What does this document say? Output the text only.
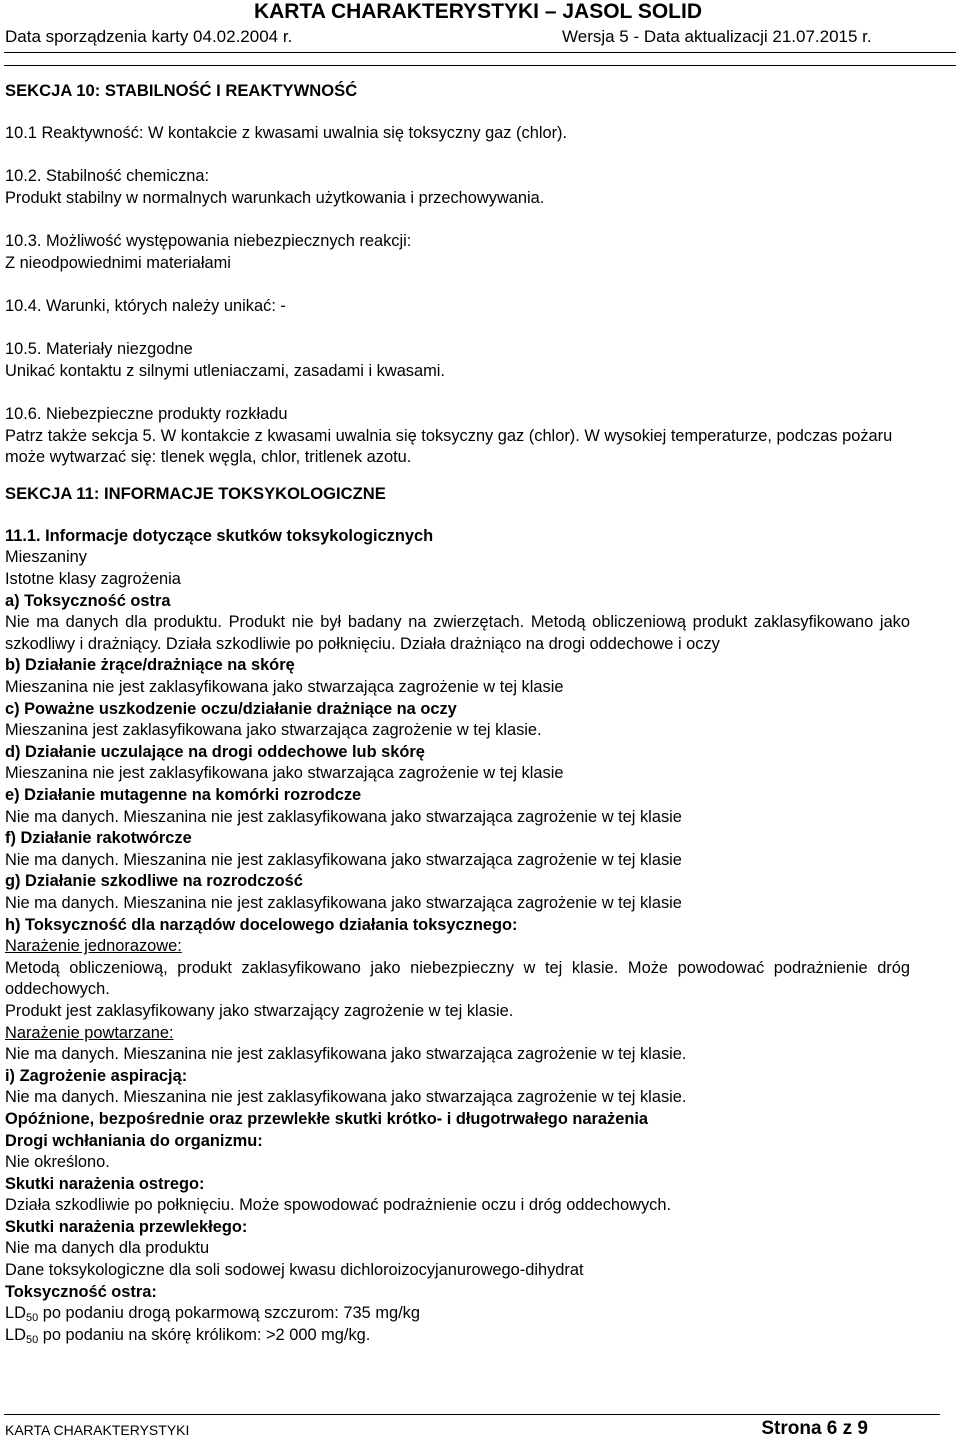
KARTA CHARAKTERYSTYKI – JASOL SOLID
Data sporządzenia karty 04.02.2004 r.	Wersja 5 - Data aktualizacji 21.07.2015 r.

SEKCJA 10: STABILNOŚĆ I REAKTYWNOŚĆ

10.1 Reaktywność: W kontakcie z kwasami uwalnia się toksyczny gaz (chlor).

10.2. Stabilność chemiczna:

Produkt stabilny w normalnych warunkach użytkowania i przechowywania.

10.3. Możliwość występowania niebezpiecznych reakcji:

Z nieodpowiednimi materiałami

10.4. Warunki, których należy unikać: -

10.5. Materiały niezgodne

Unikać kontaktu z silnymi utleniaczami, zasadami i kwasami.

10.6. Niebezpieczne produkty rozkładu

Patrz także sekcja 5. W kontakcie z kwasami uwalnia się toksyczny gaz (chlor). W wysokiej temperaturze, podczas pożaru może wytwarzać się: tlenek węgla, chlor, tritlenek azotu.

SEKCJA 11: INFORMACJE TOKSYKOLOGICZNE

11.1. Informacje dotyczące skutków toksykologicznych

Mieszaniny

Istotne klasy zagrożenia

a) Toksyczność ostra

Nie ma danych dla produktu. Produkt nie był badany na zwierzętach. Metodą obliczeniową produkt zaklasyfikowano jako szkodliwy i drażniący. Działa szkodliwie po połknięciu. Działa drażniąco na drogi oddechowe i oczy

b) Działanie żrące/drażniące na skórę

Mieszanina nie jest zaklasyfikowana jako stwarzająca zagrożenie w tej klasie

c) Poważne uszkodzenie oczu/działanie drażniące na oczy

Mieszanina jest zaklasyfikowana jako stwarzająca zagrożenie w tej klasie.

d) Działanie uczulające na drogi oddechowe lub skórę

Mieszanina nie jest zaklasyfikowana jako stwarzająca zagrożenie w tej klasie

e) Działanie mutagenne na komórki rozrodcze

Nie ma danych. Mieszanina nie jest zaklasyfikowana jako stwarzająca zagrożenie w tej klasie

f) Działanie rakotwórcze

Nie ma danych. Mieszanina nie jest zaklasyfikowana jako stwarzająca zagrożenie w tej klasie

g) Działanie szkodliwe na rozrodczość

Nie ma danych. Mieszanina nie jest zaklasyfikowana jako stwarzająca zagrożenie w tej klasie

h) Toksyczność dla narządów docelowego działania toksycznego:

Narażenie jednorazowe:

Metodą obliczeniową, produkt zaklasyfikowano jako niebezpieczny w tej klasie. Może powodować podrażnienie dróg oddechowych.

Produkt jest zaklasyfikowany jako stwarzający zagrożenie w tej klasie.

Narażenie powtarzane:

Nie ma danych. Mieszanina nie jest zaklasyfikowana jako stwarzająca zagrożenie w tej klasie.

i) Zagrożenie aspiracją:

Nie ma danych. Mieszanina nie jest zaklasyfikowana jako stwarzająca zagrożenie w tej klasie.

Opóźnione, bezpośrednie oraz przewlekłe skutki krótko- i długotrwałego narażenia

Drogi wchłaniania do organizmu:

Nie określono.

Skutki narażenia ostrego:

Działa szkodliwie po połknięciu. Może spowodować podrażnienie oczu i dróg oddechowych.

Skutki narażenia przewlekłego:

Nie ma danych dla produktu

Dane toksykologiczne dla soli sodowej kwasu dichloroizocyjanurowego-dihydrat

Toksyczność ostra:

$LD_{50}$ po podaniu drogą pokarmową szczurom: 735 mg/kg

$LD_{50}$ po podaniu na skórę królikom: >2 000 mg/kg.

KARTA CHARAKTERYSTYKI	Strona 6 z 9
